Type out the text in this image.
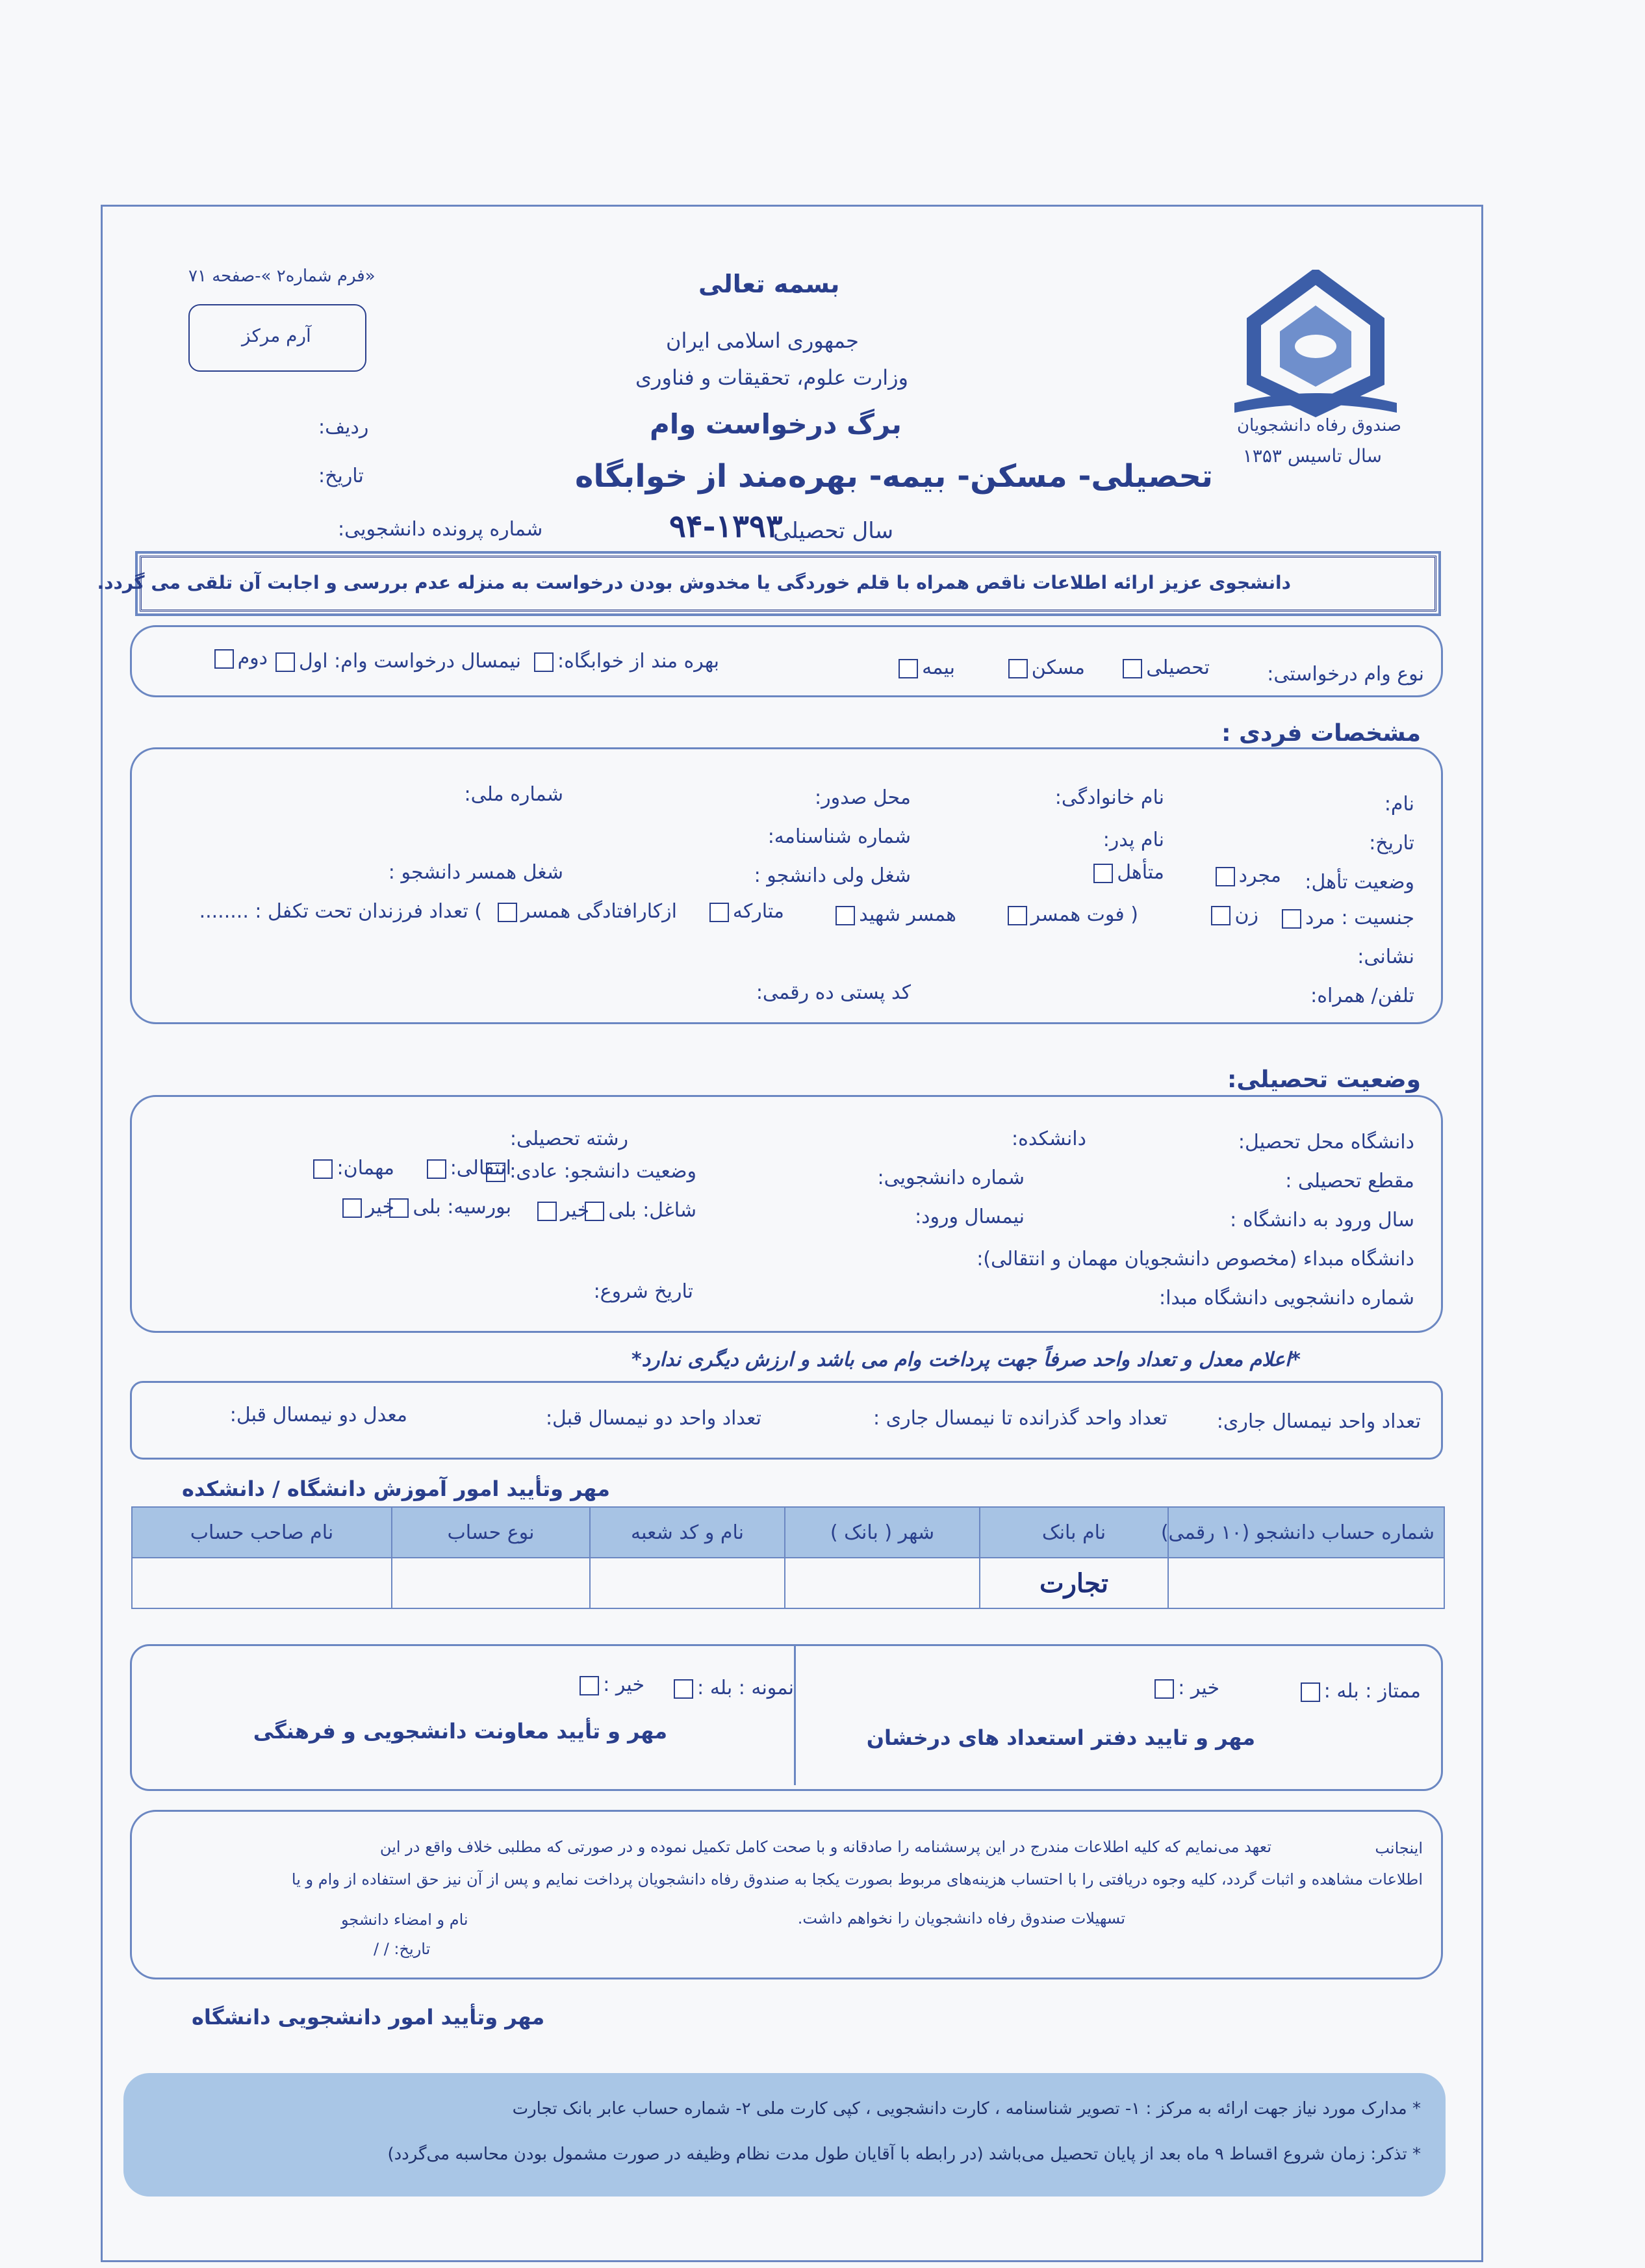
صندوق رفاه دانشجویان
سال تاسیس ۱۳۵۳
«فرم شماره۲ »-صفحه ۷۱
آرم مرکز
بسمه تعالی
جمهوری اسلامی ایران
وزارت علوم، تحقیقات و فناوری
برگ درخواست وام
تحصیلی- مسکن- بیمه- بهره‌مند از خوابگاه
سال تحصیلی
۹۴-۱۳۹۳
ردیف:
تاریخ:
شماره پرونده دانشجویی:
دانشجوی عزیز ارائه اطلاعات ناقص همراه با قلم خوردگی یا مخدوش بودن درخواست به منزله عدم بررسی و اجابت آن تلقی می گردد.
نوع وام درخواستی:
تحصیلی
مسکن
بیمه
بهره مند از خوابگاه:
نیمسال درخواست وام: اول
دوم
مشخصات فردی :
نام:
نام خانوادگی:
محل صدور:
شماره ملی:
تاریخ:
نام پدر:
شماره شناسنامه:
وضعیت تأهل:
مجرد
متأهل
شغل ولی دانشجو :
شغل همسر دانشجو :
جنسیت : مرد
زن
( فوت همسر
همسر شهید
متارکه
ازکارافتادگی همسر
) تعداد فرزندان تحت تکفل : ........
نشانی:
تلفن/ همراه:
کد پستی ده رقمی:
وضعیت تحصیلی:
دانشگاه محل تحصیل:
دانشکده:
رشته تحصیلی:
مقطع تحصیلی :
شماره دانشجویی:
وضعیت دانشجو: عادی:
انتقالی:
مهمان:
سال ورود به دانشگاه :
نیمسال ورود:
شاغل: بلی
خیر
بورسیه: بلی
خیر
دانشگاه مبداء (مخصوص دانشجویان مهمان و انتقالی):
شماره دانشجویی دانشگاه مبدا:
تاریخ شروع:
*اعلام معدل و تعداد واحد صرفاً جهت پرداخت وام می باشد و ارزش دیگری ندارد*
تعداد واحد نیمسال جاری:
تعداد واحد گذرانده تا نیمسال جاری :
تعداد واحد دو نیمسال قبل:
معدل دو نیمسال قبل:
مهر وتأیید امور آموزش دانشگاه / دانشکده
شماره حساب دانشجو (۱۰ رقمی)	نام بانک	شهر ( بانک )	نام و کد شعبه	نوع حساب	نام صاحب حساب
	تجارت				
ممتاز : بله :
خیر :
مهر و تایید دفتر استعداد های درخشان
نمونه : بله :
خیر :
مهر و تأیید معاونت دانشجویی و فرهنگی
اینجانب
تعهد می‌نمایم که کلیه اطلاعات مندرج در این پرسشنامه را صادقانه و با صحت کامل تکمیل نموده و در صورتی که مطلبی خلاف واقع در این
اطلاعات مشاهده و اثبات گردد، کلیه وجوه دریافتی را با احتساب هزینه‌های مربوط بصورت یکجا به صندوق رفاه دانشجویان پرداخت نمایم و پس از آن نیز حق استفاده از وام و یا
تسهیلات صندوق رفاه دانشجویان را نخواهم داشت.
نام و امضاء دانشجو
تاریخ: / /
مهر وتأیید امور دانشجویی دانشگاه
* مدارک مورد نیاز جهت ارائه به مرکز : ۱- تصویر شناسنامه ، کارت دانشجویی ، کپی کارت ملی ۲- شماره حساب عابر بانک تجارت
* تذکر: زمان شروع اقساط ۹ ماه بعد از پایان تحصیل می‌باشد (در رابطه با آقایان طول مدت نظام وظیفه در صورت مشمول بودن محاسبه می‌گردد)
